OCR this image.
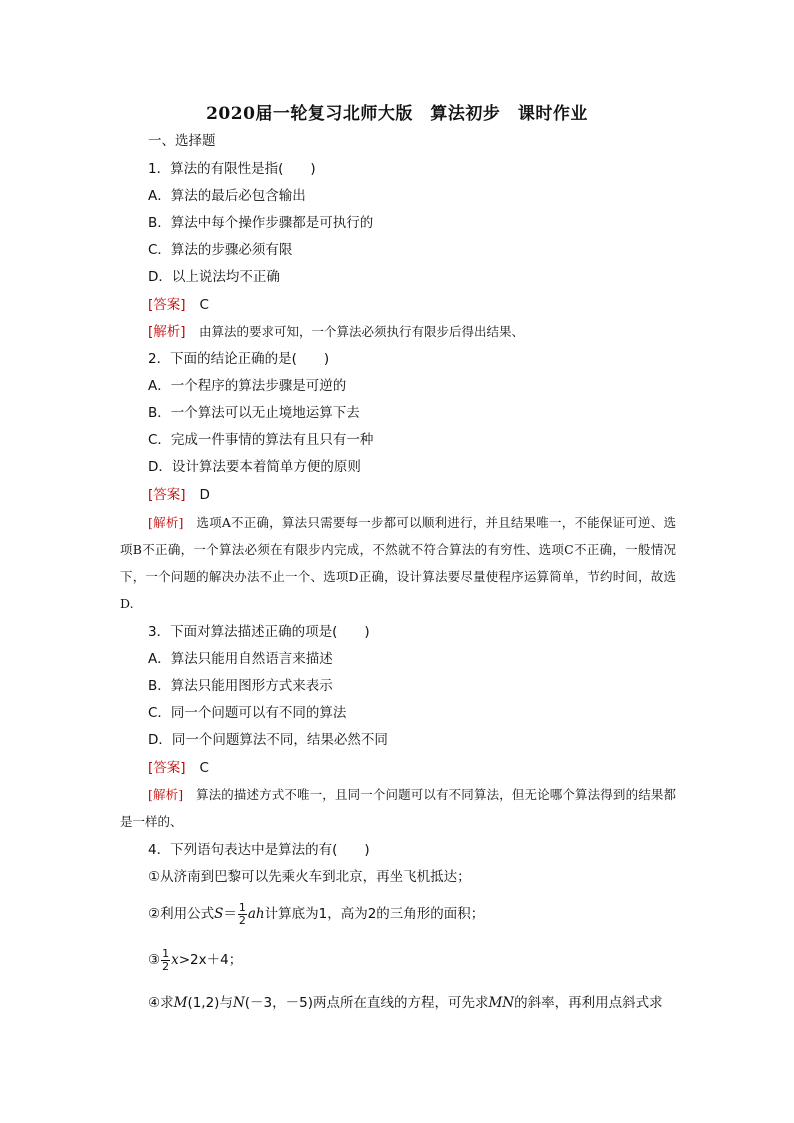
2020届一轮复习北师大版　算法初步　课时作业
一、选择题
1．算法的有限性是指(　　)
A．算法的最后必包含输出
B．算法中每个操作步骤都是可执行的
C．算法的步骤必须有限
D．以上说法均不正确
[答案] C
[解析]　 由算法的要求可知，一个算法必须执行有限步后得出结果、
2．下面的结论正确的是(　　)
A．一个程序的算法步骤是可逆的
B．一个算法可以无止境地运算下去
C．完成一件事情的算法有且只有一种
D．设计算法要本着简单方便的原则
[答案] D
[解析]　 选项A不正确，算法只需要每一步都可以顺利进行，并且结果唯一，不能保证可逆、选项B不正确，一个算法必须在有限步内完成，不然就不符合算法的有穷性、选项C不正确，一般情况下，一个问题的解决办法不止一个、选项D正确，设计算法要尽量使程序运算简单，节约时间，故选D.
3．下面对算法描述正确的项是(　　)
A．算法只能用自然语言来描述
B．算法只能用图形方式来表示
C．同一个问题可以有不同的算法
D．同一个问题算法不同，结果必然不同
[答案] C
[解析]　 算法的描述方式不唯一，且同一个问题可以有不同算法，但无论哪个算法得到的结果都是一样的、
4．下列语句表达中是算法的有(　　)
①从济南到巴黎可以先乘火车到北京，再坐飞机抵达；
②利用公式$S= \frac{1}{2}$ ah计算底为1，高为2的三角形的面积；
③ $\frac{1}{2} x>2x+4$；
④求M(1,2)与N(－3，－5)两点所在直线的方程，可先求MN的斜率，再利用点斜式求
